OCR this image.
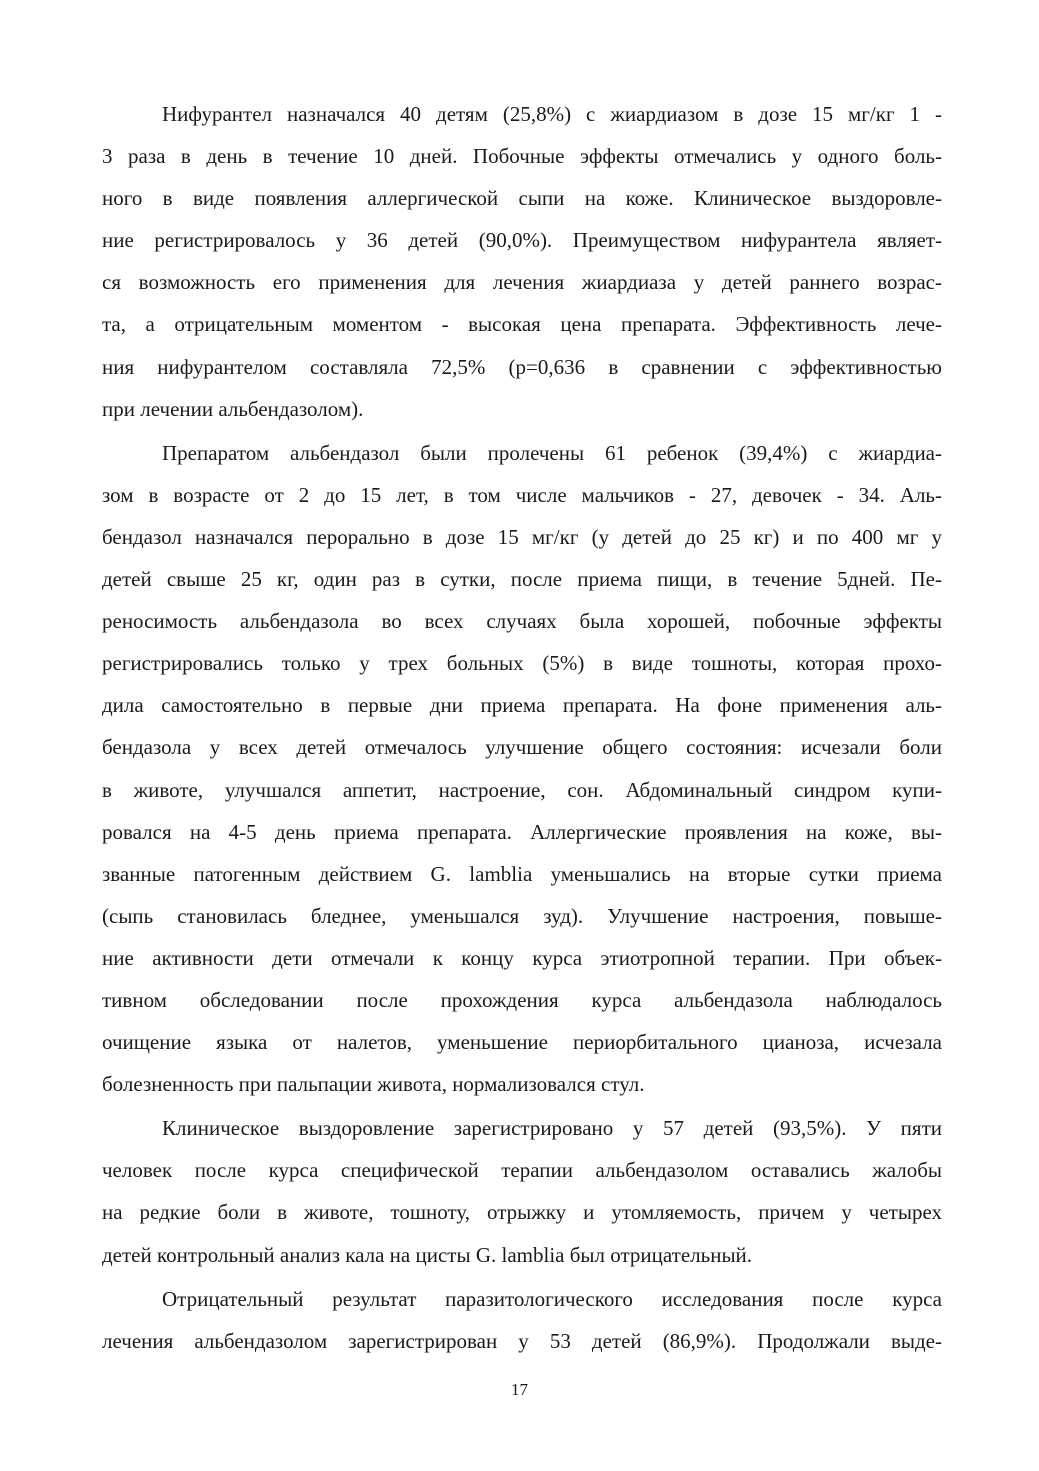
Нифурантел назначался 40 детям (25,8%) с жиардиазом в дозе 15 мг/кг 1 -
3 раза в день в течение 10 дней. Побочные эффекты отмечались у одного боль-
ного в виде появления аллергической сыпи на коже. Клиническое выздоровле-
ние регистрировалось у 36 детей (90,0%). Преимуществом нифурантела являет-
ся возможность его применения для лечения жиардиаза у детей раннего возрас-
та, а отрицательным моментом - высокая цена препарата. Эффективность лече-
ния нифурантелом составляла 72,5% (р=0,636 в сравнении с эффективностью
при лечении альбендазолом).
Препаратом альбендазол были пролечены 61 ребенок (39,4%) с жиардиа-
зом в возрасте от 2 до 15 лет, в том числе мальчиков - 27, девочек - 34. Аль-
бендазол назначался перорально в дозе 15 мг/кг (у детей до 25 кг) и по 400 мг у
детей свыше 25 кг, один раз в сутки, после приема пищи, в течение 5дней. Пе-
реносимость альбендазола во всех случаях была хорошей, побочные эффекты
регистрировались только у трех больных (5%) в виде тошноты, которая прохо-
дила самостоятельно в первые дни приема препарата. На фоне применения аль-
бендазола у всех детей отмечалось улучшение общего состояния: исчезали боли
в животе, улучшался аппетит, настроение, сон. Абдоминальный синдром купи-
ровался на 4-5 день приема препарата. Аллергические проявления на коже, вы-
званные патогенным действием G. lamblia уменьшались на вторые сутки приема
(сыпь становилась бледнее, уменьшался зуд). Улучшение настроения, повыше-
ние активности дети отмечали к концу курса этиотропной терапии. При объек-
тивном обследовании после прохождения курса альбендазола наблюдалось
очищение языка от налетов, уменьшение периорбитального цианоза, исчезала
болезненность при пальпации живота, нормализовался стул.
Клиническое выздоровление зарегистрировано у 57 детей (93,5%). У пяти
человек после курса специфической терапии альбендазолом оставались жалобы
на редкие боли в животе, тошноту, отрыжку и утомляемость, причем у четырех
детей контрольный анализ кала на цисты G. lamblia был отрицательный.
Отрицательный результат паразитологического исследования после курса
лечения альбендазолом зарегистрирован у 53 детей (86,9%). Продолжали выде-
17
